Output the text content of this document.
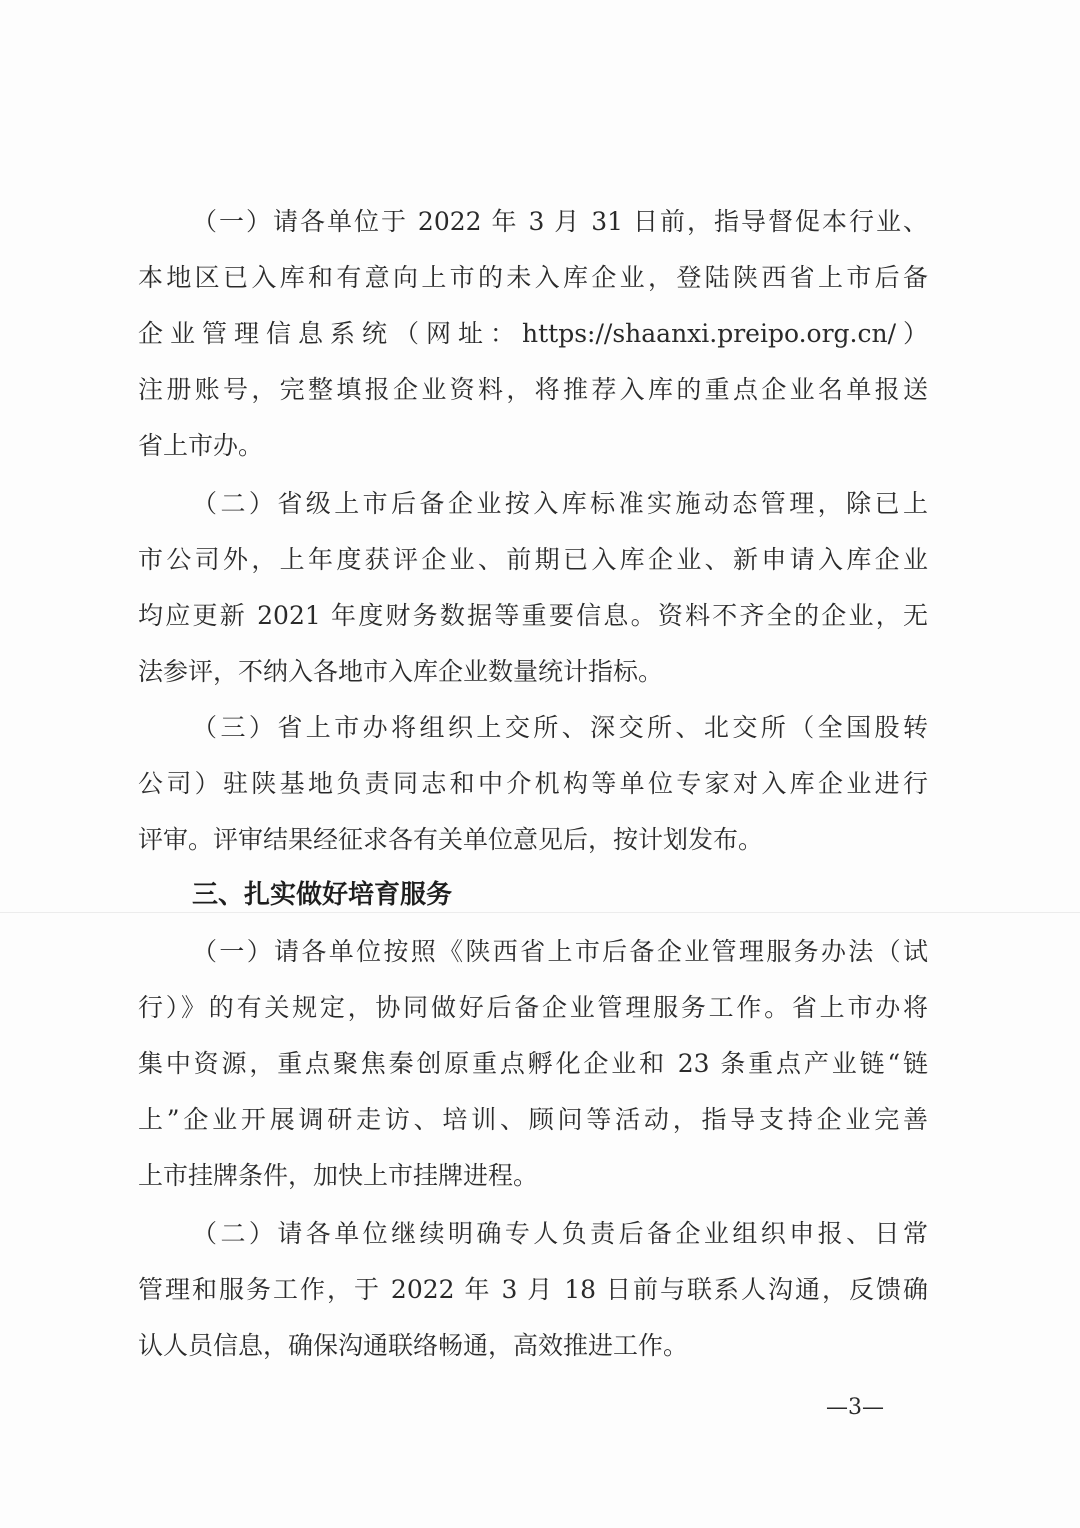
（一）请各单位于 2022 年 3 月 31 日前，指导督促本行业、
本地区已入库和有意向上市的未入库企业，登陆陕西省上市后备
企业管理信息系统（网址：https://shaanxi.preipo.org.cn/）
注册账号，完整填报企业资料，将推荐入库的重点企业名单报送
省上市办。
（二）省级上市后备企业按入库标准实施动态管理，除已上
市公司外，上年度获评企业、前期已入库企业、新申请入库企业
均应更新 2021 年度财务数据等重要信息。资料不齐全的企业，无
法参评，不纳入各地市入库企业数量统计指标。
（三）省上市办将组织上交所、深交所、北交所（全国股转
公司）驻陕基地负责同志和中介机构等单位专家对入库企业进行
评审。评审结果经征求各有关单位意见后，按计划发布。
三、扎实做好培育服务
（一）请各单位按照《陕西省上市后备企业管理服务办法（试
行）》的有关规定，协同做好后备企业管理服务工作。省上市办将
集中资源，重点聚焦秦创原重点孵化企业和 23 条重点产业链“链
上”企业开展调研走访、培训、顾问等活动，指导支持企业完善
上市挂牌条件，加快上市挂牌进程。
（二）请各单位继续明确专人负责后备企业组织申报、日常
管理和服务工作，于 2022 年 3 月 18 日前与联系人沟通，反馈确
认人员信息，确保沟通联络畅通，高效推进工作。
—3—
